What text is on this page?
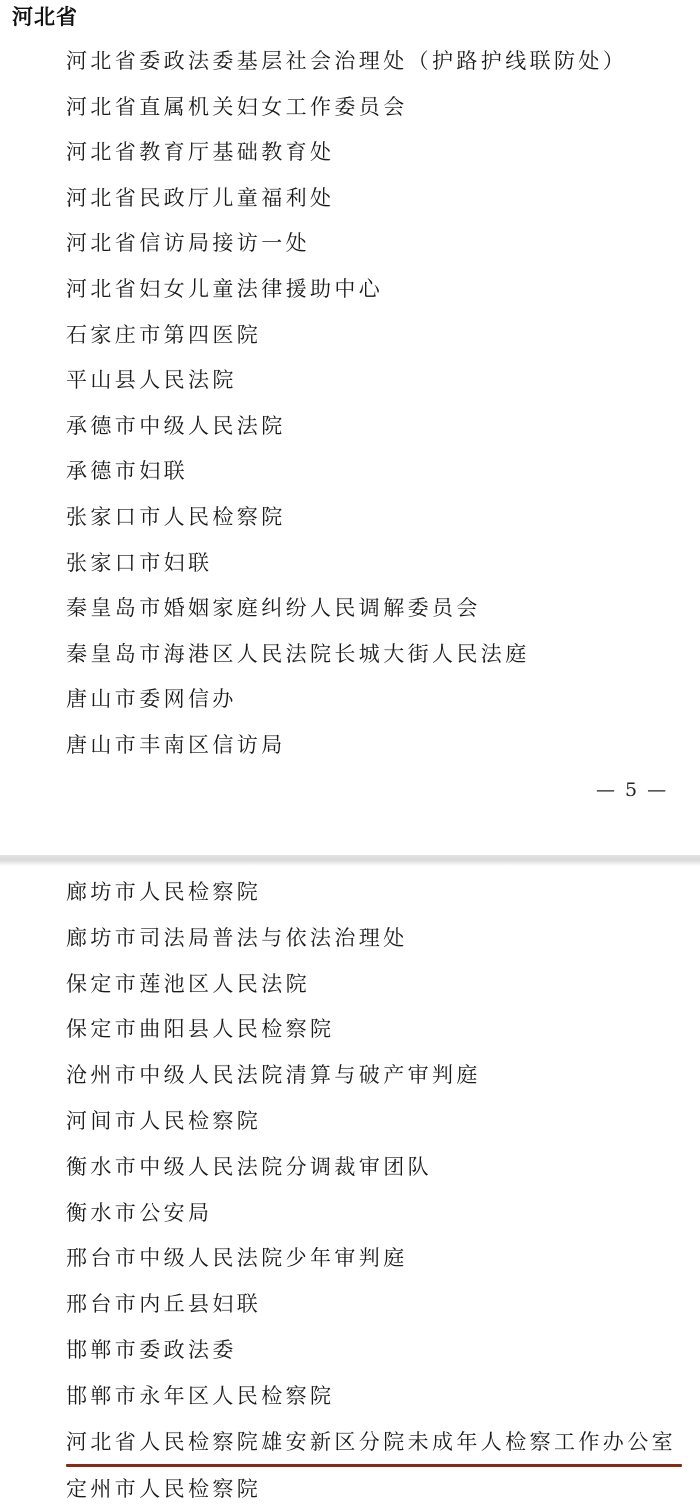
河北省
河北省委政法委基层社会治理处（护路护线联防处）
河北省直属机关妇女工作委员会
河北省教育厅基础教育处
河北省民政厅儿童福利处
河北省信访局接访一处
河北省妇女儿童法律援助中心
石家庄市第四医院
平山县人民法院
承德市中级人民法院
承德市妇联
张家口市人民检察院
张家口市妇联
秦皇岛市婚姻家庭纠纷人民调解委员会
秦皇岛市海港区人民法院长城大街人民法庭
唐山市委网信办
唐山市丰南区信访局
— 5 —
廊坊市人民检察院
廊坊市司法局普法与依法治理处
保定市莲池区人民法院
保定市曲阳县人民检察院
沧州市中级人民法院清算与破产审判庭
河间市人民检察院
衡水市中级人民法院分调裁审团队
衡水市公安局
邢台市中级人民法院少年审判庭
邢台市内丘县妇联
邯郸市委政法委
邯郸市永年区人民检察院
河北省人民检察院雄安新区分院未成年人检察工作办公室
定州市人民检察院
